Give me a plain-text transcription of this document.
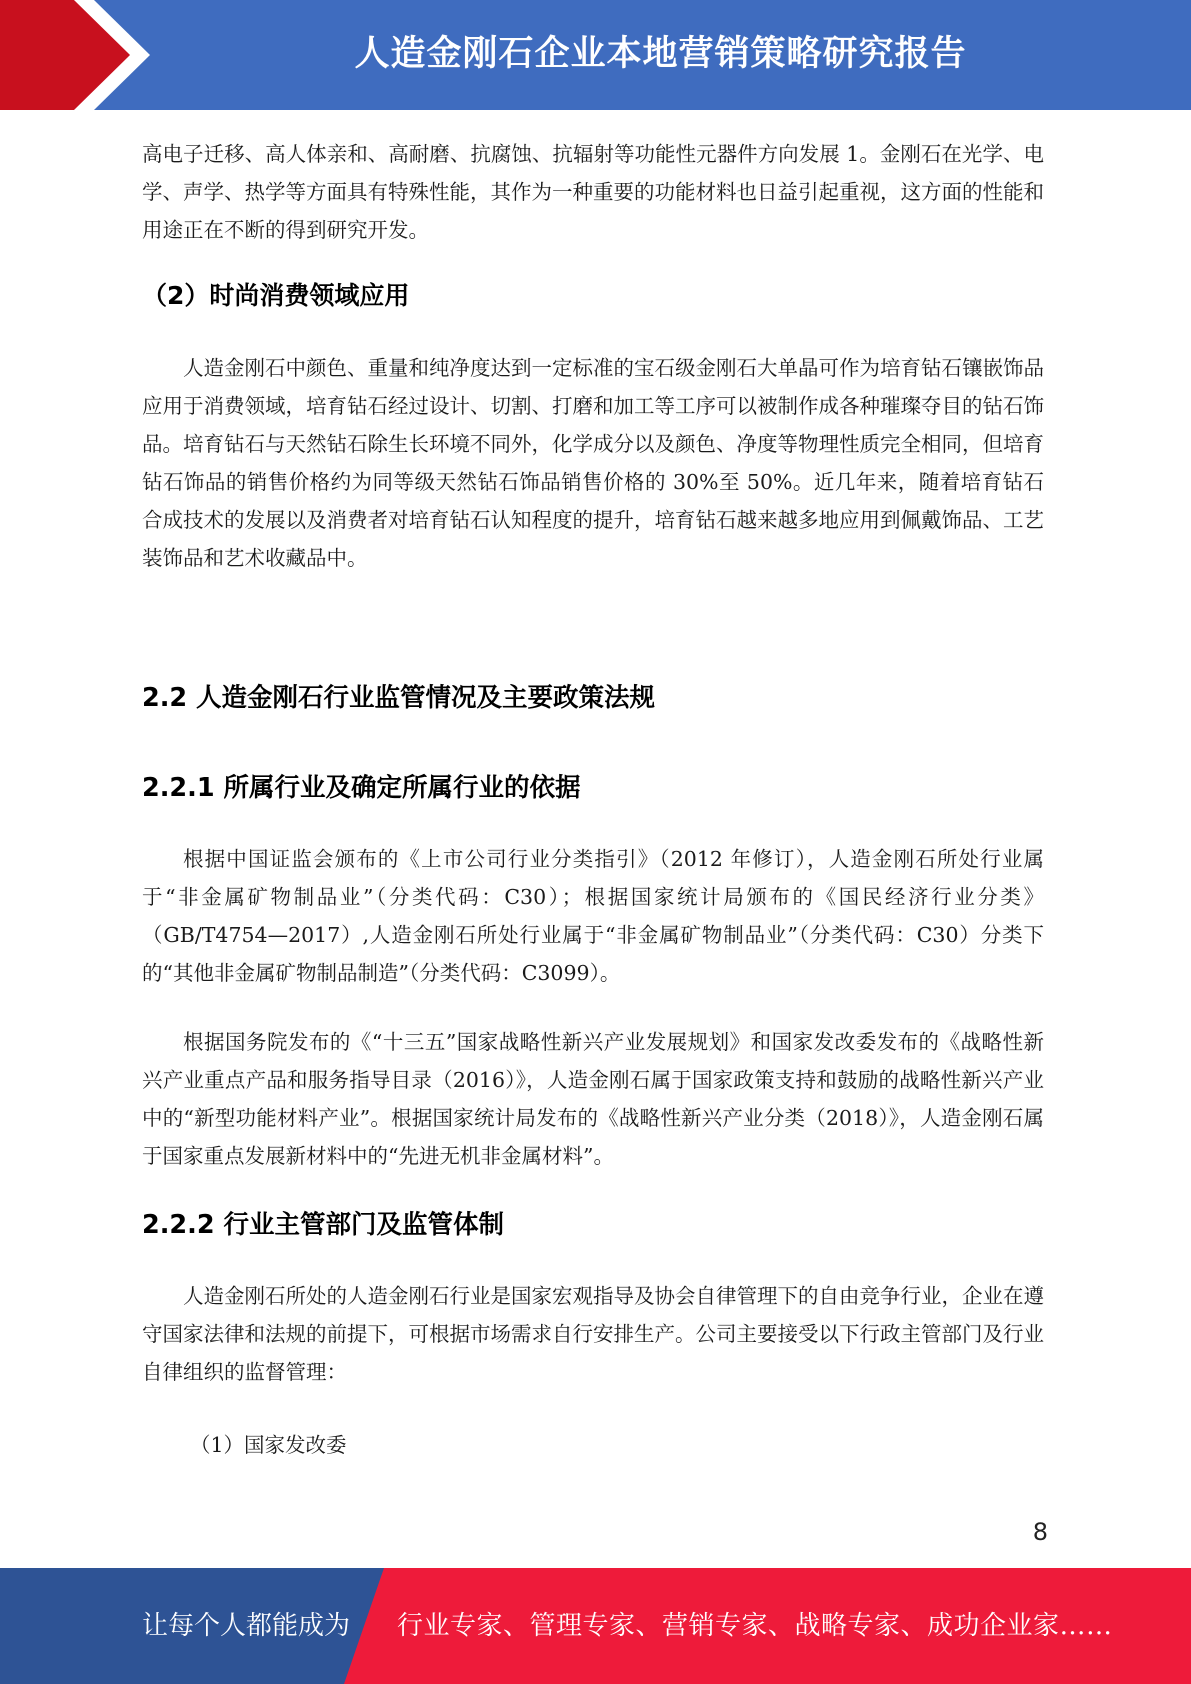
人造金刚石企业本地营销策略研究报告

高电子迁移、高人体亲和、高耐磨、抗腐蚀、抗辐射等功能性元器件方向发展 1。金刚石在光学、电学、声学、热学等方面具有特殊性能，其作为一种重要的功能材料也日益引起重视，这方面的性能和用途正在不断的得到研究开发。

（2）时尚消费领域应用

人造金刚石中颜色、重量和纯净度达到一定标准的宝石级金刚石大单晶可作为培育钻石镶嵌饰品应用于消费领域，培育钻石经过设计、切割、打磨和加工等工序可以被制作成各种璀璨夺目的钻石饰品。培育钻石与天然钻石除生长环境不同外，化学成分以及颜色、净度等物理性质完全相同，但培育钻石饰品的销售价格约为同等级天然钻石饰品销售价格的 30%至 50%。近几年来，随着培育钻石合成技术的发展以及消费者对培育钻石认知程度的提升，培育钻石越来越多地应用到佩戴饰品、工艺装饰品和艺术收藏品中。

2.2 人造金刚石行业监管情况及主要政策法规
2.2.1 所属行业及确定所属行业的依据

根据中国证监会颁布的《上市公司行业分类指引》（2012 年修订），人造金刚石所处行业属于“非金属矿物制品业”（分类代码：C30）；根据国家统计局颁布的《国民经济行业分类》（GB/T4754—2017）,人造金刚石所处行业属于“非金属矿物制品业”（分类代码：C30）分类下的“其他非金属矿物制品制造”（分类代码：C3099）。

根据国务院发布的《“十三五”国家战略性新兴产业发展规划》和国家发改委发布的《战略性新兴产业重点产品和服务指导目录（2016）》，人造金刚石属于国家政策支持和鼓励的战略性新兴产业中的“新型功能材料产业”。根据国家统计局发布的《战略性新兴产业分类（2018）》，人造金刚石属于国家重点发展新材料中的“先进无机非金属材料”。

2.2.2 行业主管部门及监管体制

人造金刚石所处的人造金刚石行业是国家宏观指导及协会自律管理下的自由竞争行业，企业在遵守国家法律和法规的前提下，可根据市场需求自行安排生产。公司主要接受以下行政主管部门及行业自律组织的监督管理：

（1）国家发改委

8
让每个人都能成为 行业专家、管理专家、营销专家、战略专家、成功企业家……
